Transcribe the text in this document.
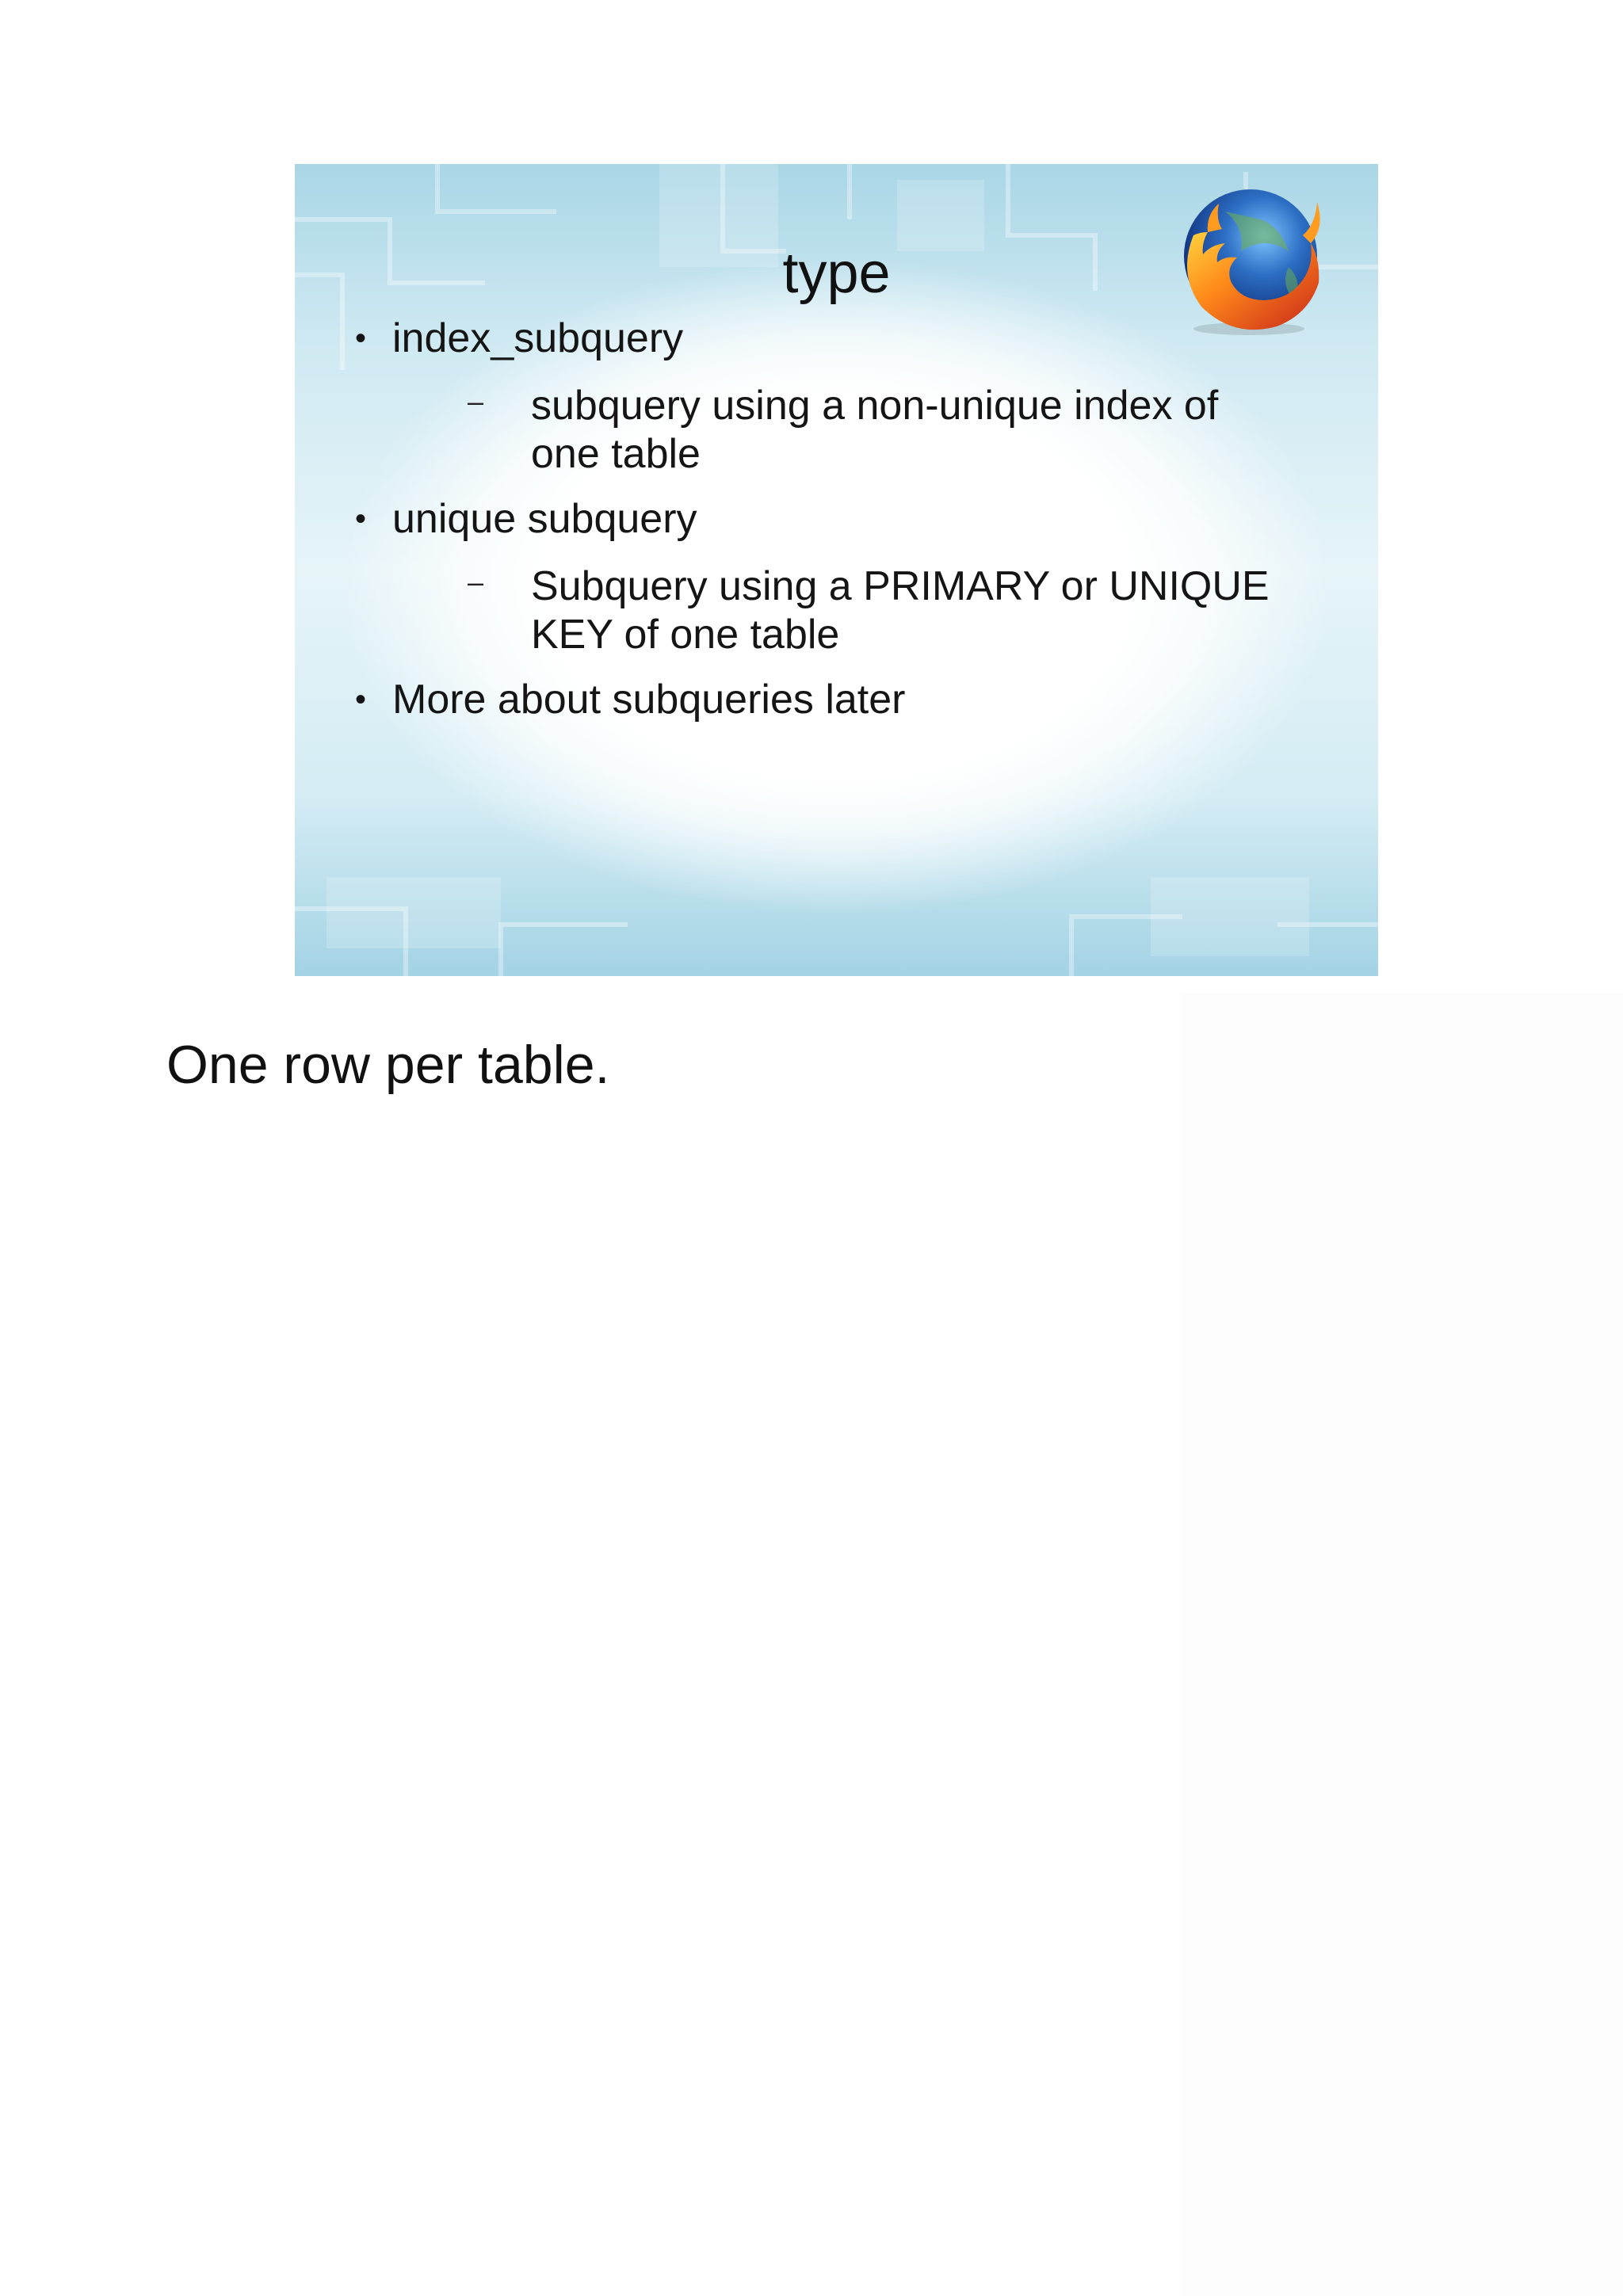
type
• index_subquery
– subquery using a non-unique index of
one table
• unique subquery
– Subquery using a PRIMARY or UNIQUE
KEY of one table
• More about subqueries later
One row per table.
